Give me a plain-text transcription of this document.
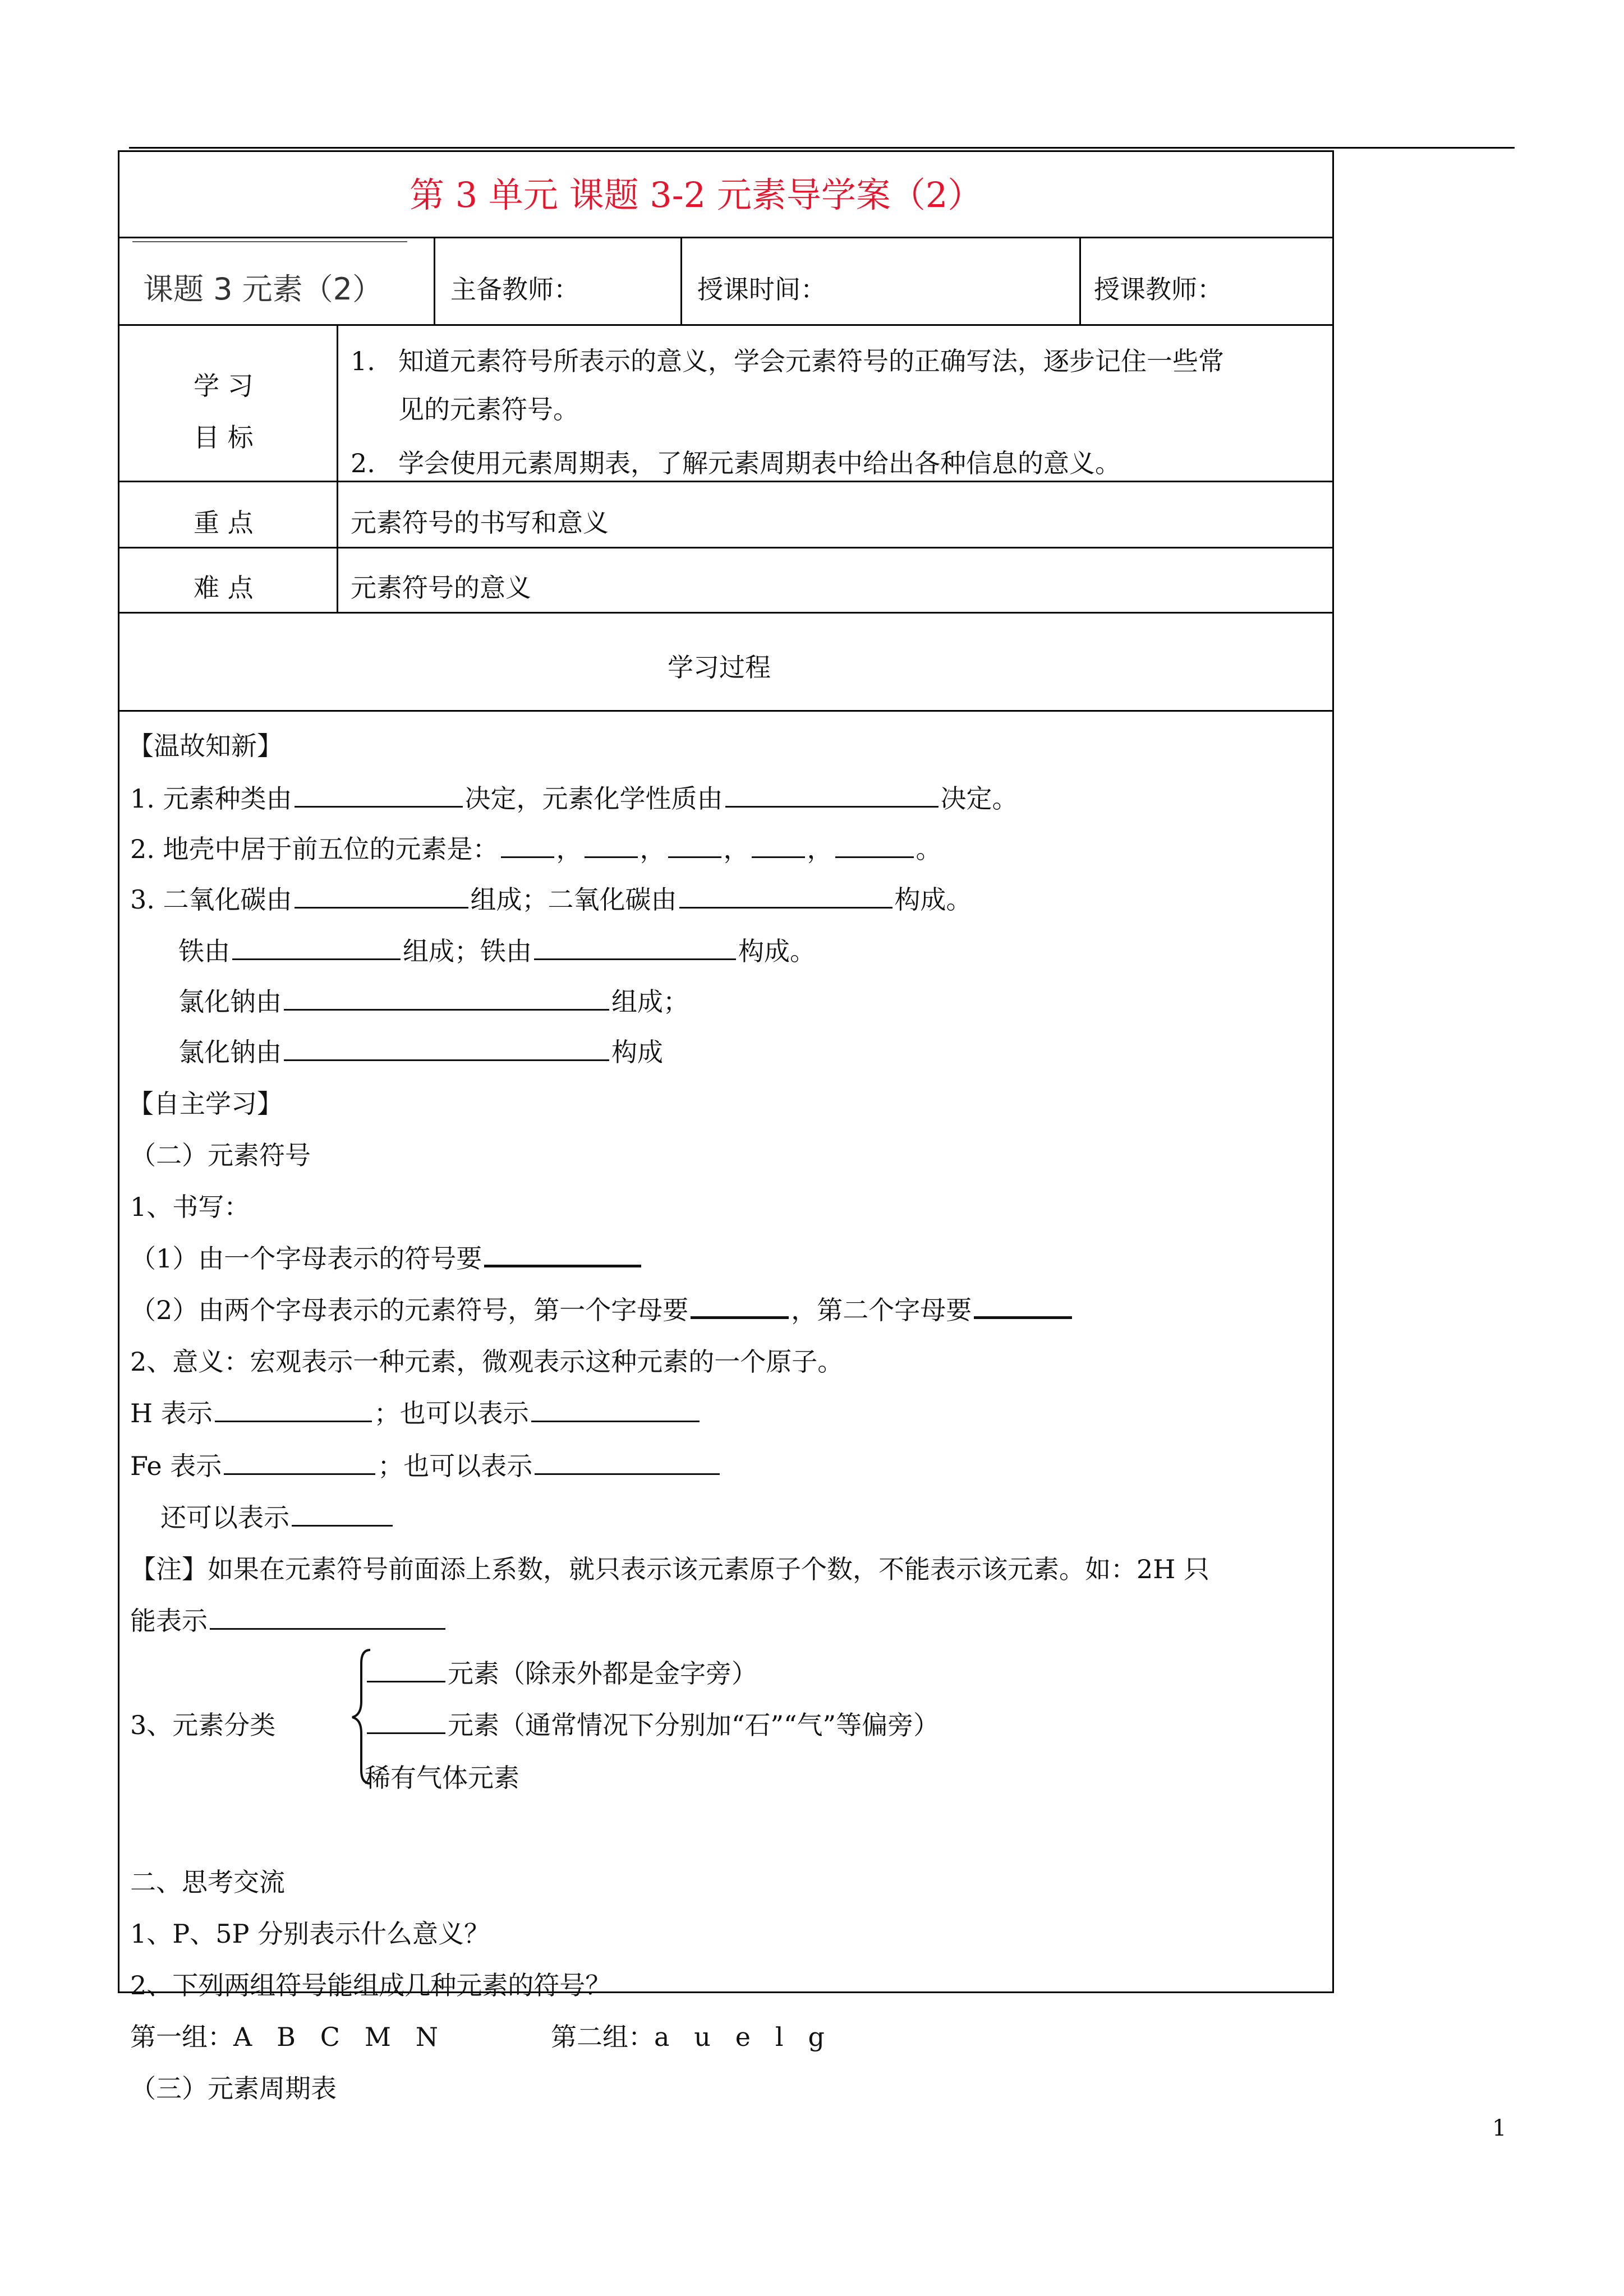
第 3 单元 课题 3-2 元素导学案（2）
课题 3 元素（2）	主备教师：	授课时间：	授课教师：
学 习
目 标
1. 知道元素符号所表示的意义，学会元素符号的正确写法，逐步记住一些常
见的元素符号。
2. 学会使用元素周期表，了解元素周期表中给出各种信息的意义。
重 点	元素符号的书写和意义
难 点	元素符号的意义
学习过程
【温故知新】
1. 元素种类由	决定，元素化学性质由	决定。
2. 地壳中居于前五位的元素是： ， ， ， ，	。
3. 二氧化碳由	组成；二氧化碳由	构成。
铁由	组成；铁由	构成。
氯化钠由	组成；
氯化钠由	构成
【自主学习】
（二）元素符号
1、书写：
（1）由一个字母表示的符号要
（2）由两个字母表示的元素符号，第一个字母要	，第二个字母要
2、意义：宏观表示一种元素，微观表示这种元素的一个原子。
H 表示	；也可以表示
Fe 表示	；也可以表示
还可以表示
【注】如果在元素符号前面添上系数，就只表示该元素原子个数，不能表示该元素。如：2H 只
能表示
3、元素分类
元素（除汞外都是金字旁）
元素（通常情况下分别加“石”“气”等偏旁）
稀有气体元素
二、思考交流
1、P、5P 分别表示什么意义？
2、下列两组符号能组成几种元素的符号？
第一组：A   B   C   M   N	第二组：a   u   e   l   g
（三）元素周期表
1
